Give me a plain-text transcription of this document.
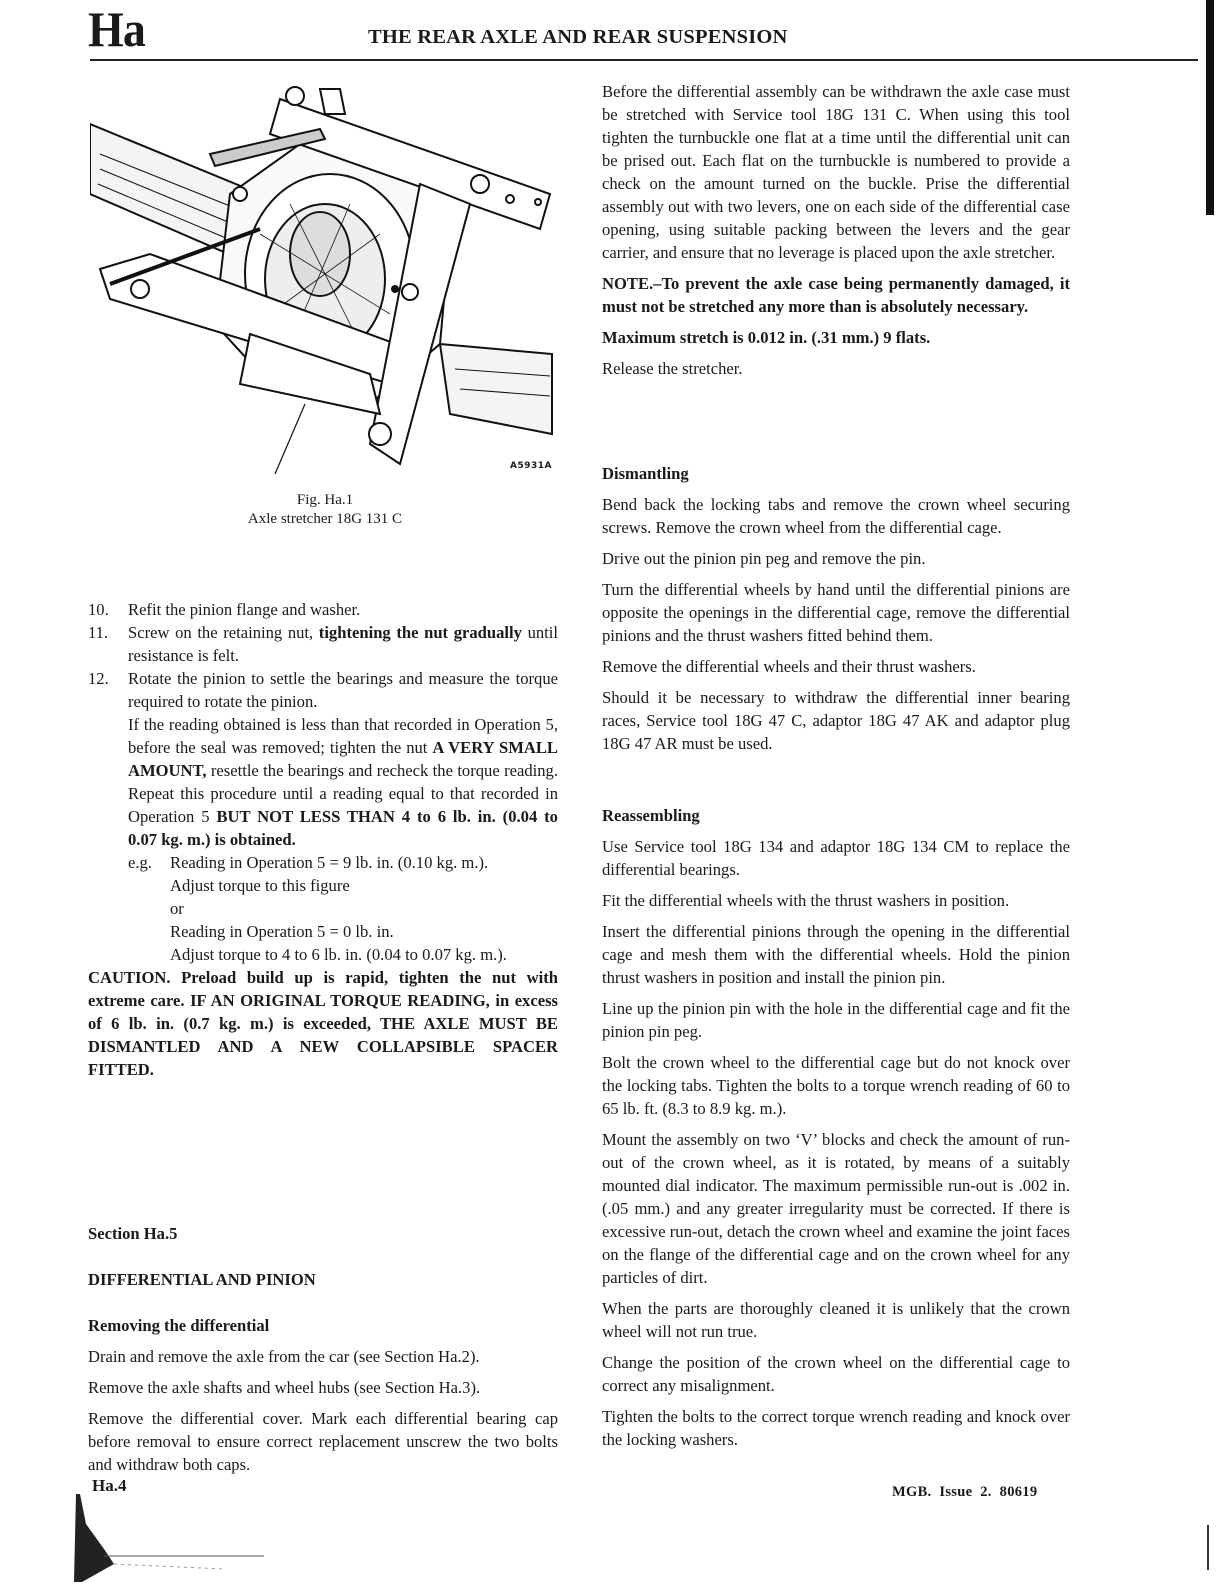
Ha	THE REAR AXLE AND REAR SUSPENSION
A5931A
Fig. Ha.1
Axle stretcher 18G 131 C
10. Refit the pinion flange and washer.
11. Screw on the retaining nut, tightening the nut gradually until resistance is felt.
12. Rotate the pinion to settle the bearings and measure the torque required to rotate the pinion.
If the reading obtained is less than that recorded in Operation 5, before the seal was removed; tighten the nut A VERY SMALL AMOUNT, resettle the bearings and recheck the torque reading. Repeat this procedure until a reading equal to that recorded in Operation 5 BUT NOT LESS THAN 4 to 6 lb. in. (0.04 to 0.07 kg. m.) is obtained.
e.g. Reading in Operation 5 = 9 lb. in. (0.10 kg. m.).
Adjust torque to this figure
or
Reading in Operation 5 = 0 lb. in.
Adjust torque to 4 to 6 lb. in. (0.04 to 0.07 kg. m.).
CAUTION. Preload build up is rapid, tighten the nut with extreme care. IF AN ORIGINAL TORQUE READING, in excess of 6 lb. in. (0.7 kg. m.) is exceeded, THE AXLE MUST BE DISMANTLED AND A NEW COLLAPSIBLE SPACER FITTED.

Section Ha.5

DIFFERENTIAL AND PINION

Removing the differential

Drain and remove the axle from the car (see Section Ha.2).

Remove the axle shafts and wheel hubs (see Section Ha.3).

Remove the differential cover. Mark each differential bearing cap before removal to ensure correct replacement unscrew the two bolts and withdraw both caps.

Before the differential assembly can be withdrawn the axle case must be stretched with Service tool 18G 131 C. When using this tool tighten the turnbuckle one flat at a time until the differential unit can be prised out. Each flat on the turnbuckle is numbered to provide a check on the amount turned on the buckle. Prise the differential assembly out with two levers, one on each side of the differential case opening, using suitable packing between the levers and the gear carrier, and ensure that no leverage is placed upon the axle stretcher.

NOTE.–To prevent the axle case being permanently damaged, it must not be stretched any more than is absolutely necessary.

Maximum stretch is 0.012 in. (.31 mm.) 9 flats.

Release the stretcher.

Dismantling

Bend back the locking tabs and remove the crown wheel securing screws. Remove the crown wheel from the differential cage.

Drive out the pinion pin peg and remove the pin.

Turn the differential wheels by hand until the differential pinions are opposite the openings in the differential cage, remove the differential pinions and the thrust washers fitted behind them.

Remove the differential wheels and their thrust washers.

Should it be necessary to withdraw the differential inner bearing races, Service tool 18G 47 C, adaptor 18G 47 AK and adaptor plug 18G 47 AR must be used.

Reassembling

Use Service tool 18G 134 and adaptor 18G 134 CM to replace the differential bearings.

Fit the differential wheels with the thrust washers in position.

Insert the differential pinions through the opening in the differential cage and mesh them with the differential wheels. Hold the pinion thrust washers in position and install the pinion pin.

Line up the pinion pin with the hole in the differential cage and fit the pinion pin peg.

Bolt the crown wheel to the differential cage but do not knock over the locking tabs. Tighten the bolts to a torque wrench reading of 60 to 65 lb. ft. (8.3 to 8.9 kg. m.).

Mount the assembly on two ‘V’ blocks and check the amount of run-out of the crown wheel, as it is rotated, by means of a suitably mounted dial indicator. The maximum permissible run-out is .002 in. (.05 mm.) and any greater irregularity must be corrected. If there is excessive run-out, detach the crown wheel and examine the joint faces on the flange of the differential cage and on the crown wheel for any particles of dirt.

When the parts are thoroughly cleaned it is unlikely that the crown wheel will not run true.

Change the position of the crown wheel on the differential cage to correct any misalignment.

Tighten the bolts to the correct torque wrench reading and knock over the locking washers.

Ha.4	MGB. Issue 2. 80619
